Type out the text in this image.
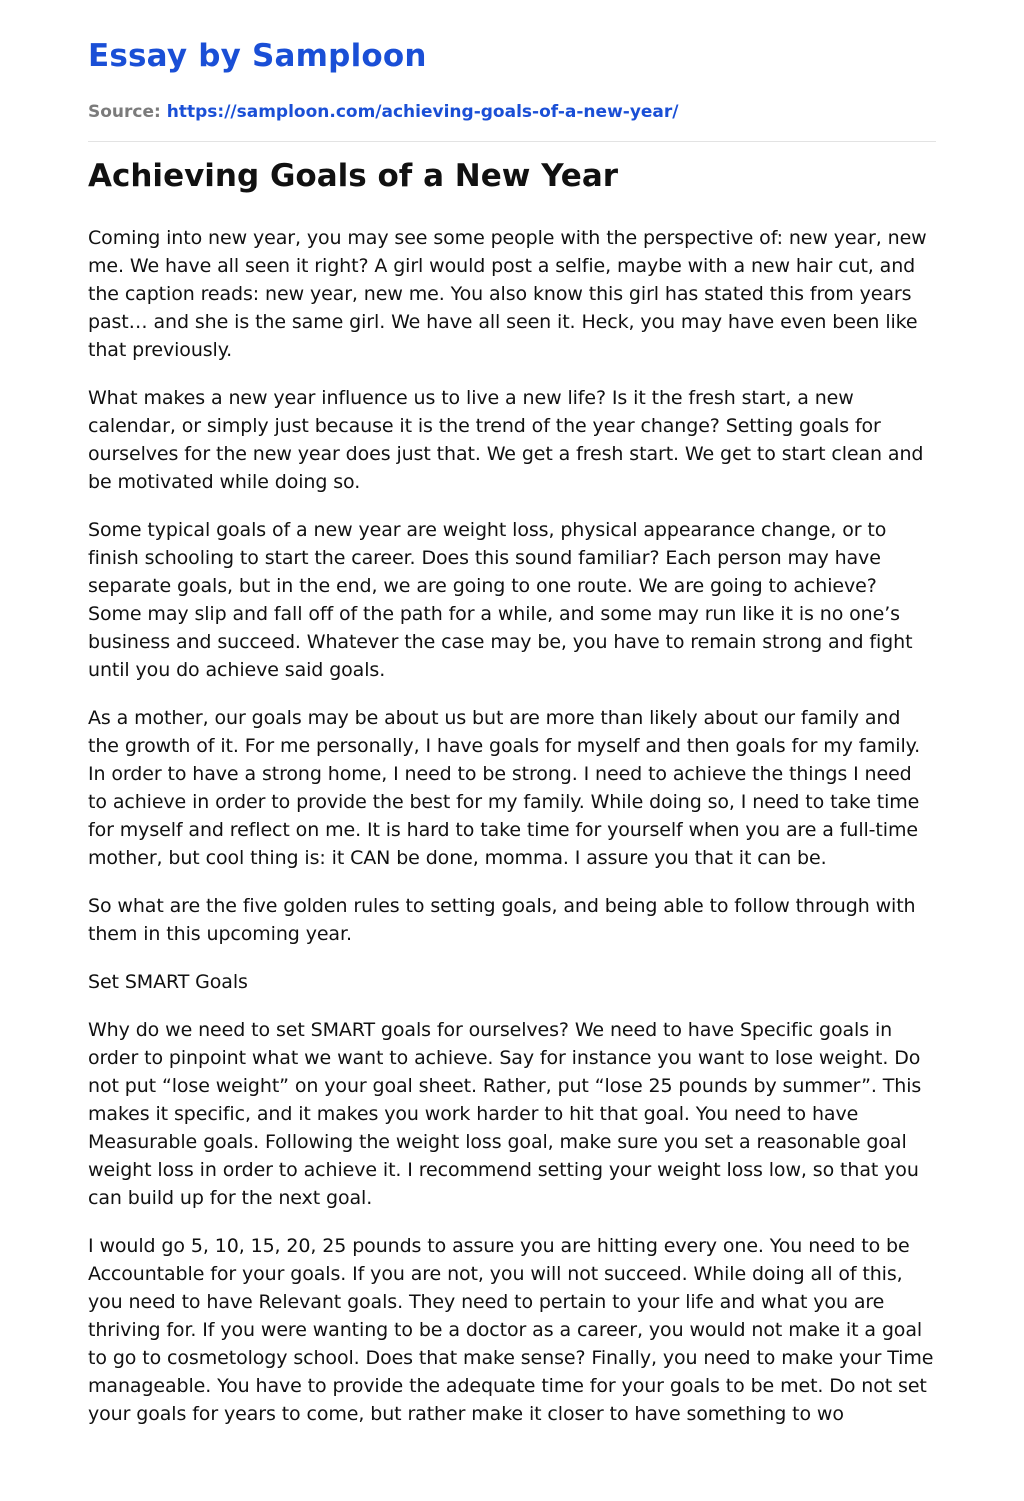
Essay by Samploon
Source: https://samploon.com/achieving-goals-of-a-new-year/
Achieving Goals of a New Year

Coming into new year, you may see some people with the perspective of: new year, new me. We have all seen it right? A girl would post a selfie, maybe with a new hair cut, and the caption reads: new year, new me. You also know this girl has stated this from years past… and she is the same girl. We have all seen it. Heck, you may have even been like that previously.

What makes a new year influence us to live a new life? Is it the fresh start, a new calendar, or simply just because it is the trend of the year change? Setting goals for ourselves for the new year does just that. We get a fresh start. We get to start clean and be motivated while doing so.

Some typical goals of a new year are weight loss, physical appearance change, or to finish schooling to start the career. Does this sound familiar? Each person may have separate goals, but in the end, we are going to one route. We are going to achieve? Some may slip and fall off of the path for a while, and some may run like it is no one’s business and succeed. Whatever the case may be, you have to remain strong and fight until you do achieve said goals.

As a mother, our goals may be about us but are more than likely about our family and the growth of it. For me personally, I have goals for myself and then goals for my family. In order to have a strong home, I need to be strong. I need to achieve the things I need to achieve in order to provide the best for my family. While doing so, I need to take time for myself and reflect on me. It is hard to take time for yourself when you are a full-time mother, but cool thing is: it CAN be done, momma. I assure you that it can be.

So what are the five golden rules to setting goals, and being able to follow through with them in this upcoming year.

Set SMART Goals

Why do we need to set SMART goals for ourselves? We need to have Specific goals in order to pinpoint what we want to achieve. Say for instance you want to lose weight. Do not put “lose weight” on your goal sheet. Rather, put “lose 25 pounds by summer”. This makes it specific, and it makes you work harder to hit that goal. You need to have Measurable goals. Following the weight loss goal, make sure you set a reasonable goal weight loss in order to achieve it. I recommend setting your weight loss low, so that you can build up for the next goal.

I would go 5, 10, 15, 20, 25 pounds to assure you are hitting every one. You need to be Accountable for your goals. If you are not, you will not succeed. While doing all of this, you need to have Relevant goals. They need to pertain to your life and what you are thriving for. If you were wanting to be a doctor as a career, you would not make it a goal to go to cosmetology school. Does that make sense? Finally, you need to make your Time manageable. You have to provide the adequate time for your goals to be met. Do not set your goals for years to come, but rather make it closer to have something to wo
